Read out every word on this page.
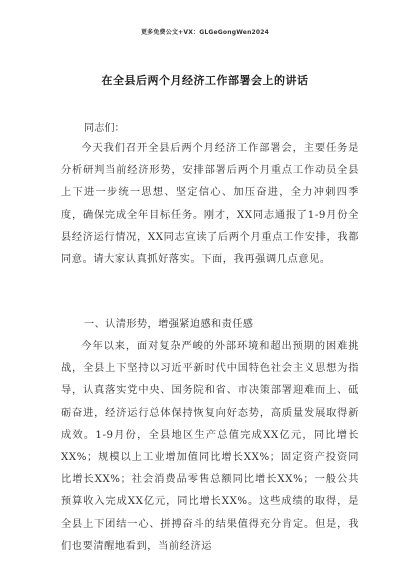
更多免费公文+VX：GLGeGongWen2024
在全县后两个月经济工作部署会上的讲话
同志们：

今天我们召开全县后两个月经济工作部署会，主要任务是分析研判当前经济形势，安排部署后两个月重点工作动员全县上下进一步统一思想、坚定信心、加压奋进，全力冲刺四季度，确保完成全年目标任务。刚才，XX同志通报了1-9月份全县经济运行情况，XX同志宣读了后两个月重点工作安排，我都同意。请大家认真抓好落实。下面，我再强调几点意见。

一、认清形势，增强紧迫感和责任感

今年以来，面对复杂严峻的外部环境和超出预期的困难挑战，全县上下坚持以习近平新时代中国特色社会主义思想为指导，认真落实党中央、国务院和省、市决策部署迎难而上、砥砺奋进，经济运行总体保持恢复向好态势，高质量发展取得新成效。1-9月份，全县地区生产总值完成XX亿元，同比增长XX%；规模以上工业增加值同比增长XX%；固定资产投资同比增长XX%；社会消费品零售总额同比增长XX%；一般公共预算收入完成XX亿元，同比增长XX%。这些成绩的取得，是全县上下团结一心、拼搏奋斗的结果值得充分肯定。但是，我们也要清醒地看到，当前经济运
